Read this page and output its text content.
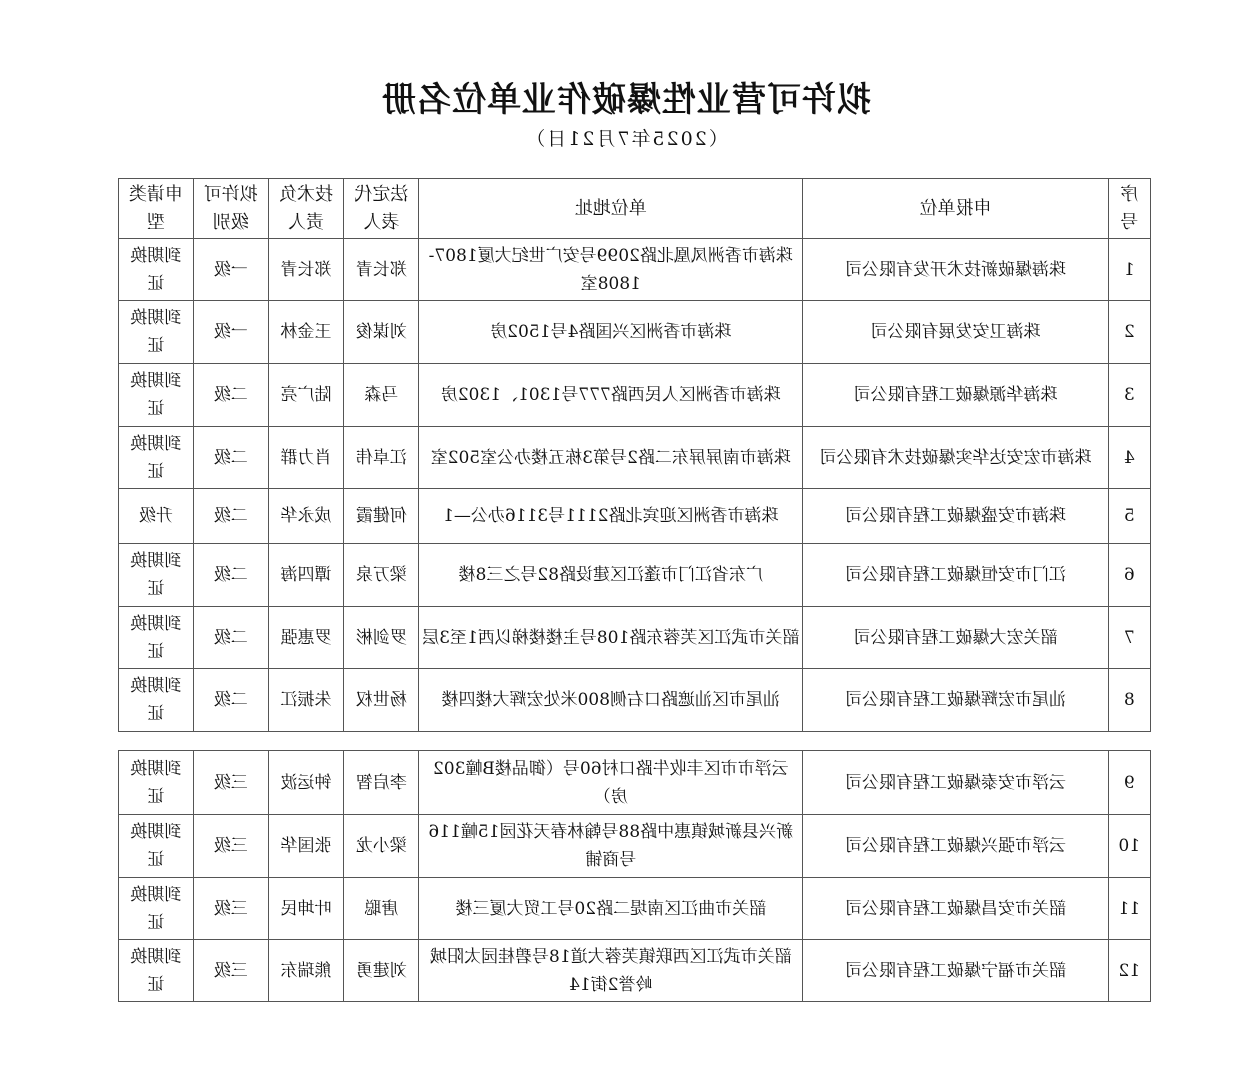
拟许可营业性爆破作业单位名册
（2025年7月21日）
序号	申报单位	单位地址	法定代表人	技术负责人	拟许可级别	申请类型
1	珠海爆破新技术开发有限公司	珠海市香洲凤凰北路2099号安广世纪大厦1807-1808室	郑长青	郑长青	一级	到期换证
2	珠海卫安发展有限公司	珠海市香洲区兴国路4号1502房	刘谋俊	王金林	一级	到期换证
3	珠海华源爆破工程有限公司	珠海市香洲区人民西路777号1301、1302房	马森	陆广亮	二级	到期换证
4	珠海市宏安达华实爆破技术有限公司	珠海市南屏屏东二路2号第3栋五楼办公室502室	江卓伟	肖力群	二级	到期换证
5	珠海市安盛爆破工程有限公司	珠海市香洲区迎宾北路2111号3116办公—1	何健霞	成永华	二级	升级
6	江门市安恒爆破工程有限公司	广东省江门市蓬江区建设路82号之三8楼	梁万泉	谭四海	二级	到期换证
7	韶关宏大爆破工程有限公司	韶关市武江区芙蓉东路108号主楼楼梯以西1至3层	罗剑彬	罗惠强	二级	到期换证
8	汕尾市宏辉爆破工程有限公司	汕尾市区汕遮路口右侧800米处宏辉大楼四楼	杨世权	朱振江	二级	到期换证
9	云浮市安泰爆破工程有限公司	云浮市市区丰收牛路口村60号（御品楼B幢302房）	李启智	钟运波	三级	到期换证
10	云浮市强兴爆破工程有限公司	新兴县新城镇惠中路88号翰林春天花园15幢116号商铺	梁小龙	张国华	三级	到期换证
11	韶关市安昌爆破工程有限公司	韶关市曲江区南堤二路20号工贸大厦三楼	唐聪	叶坤民	三级	到期换证
12	韶关市福宁爆破工程有限公司	韶关市武江区西联镇芙蓉大道18号碧桂园太阳城岭誉2街14	刘建勇	熊瑞东	三级	到期换证
